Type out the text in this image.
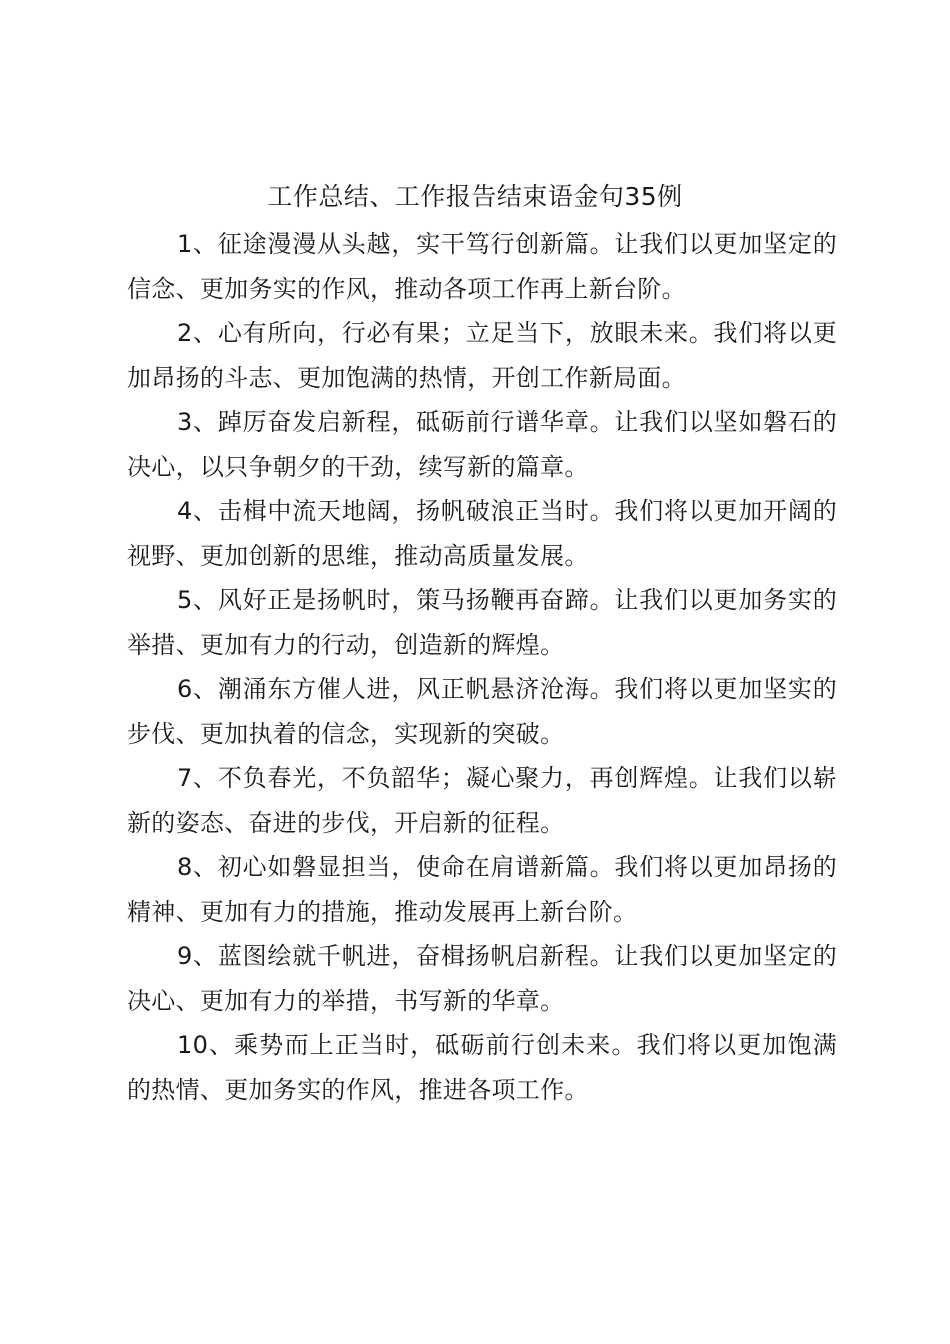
工作总结、工作报告结束语金句35例

1、征途漫漫从头越，实干笃行创新篇。让我们以更加坚定的信念、更加务实的作风，推动各项工作再上新台阶。

2、心有所向，行必有果；立足当下，放眼未来。我们将以更加昂扬的斗志、更加饱满的热情，开创工作新局面。

3、踔厉奋发启新程，砥砺前行谱华章。让我们以坚如磐石的决心，以只争朝夕的干劲，续写新的篇章。

4、击楫中流天地阔，扬帆破浪正当时。我们将以更加开阔的视野、更加创新的思维，推动高质量发展。

5、风好正是扬帆时，策马扬鞭再奋蹄。让我们以更加务实的举措、更加有力的行动，创造新的辉煌。

6、潮涌东方催人进，风正帆悬济沧海。我们将以更加坚实的步伐、更加执着的信念，实现新的突破。

7、不负春光，不负韶华；凝心聚力，再创辉煌。让我们以崭新的姿态、奋进的步伐，开启新的征程。

8、初心如磐显担当，使命在肩谱新篇。我们将以更加昂扬的精神、更加有力的措施，推动发展再上新台阶。

9、蓝图绘就千帆进，奋楫扬帆启新程。让我们以更加坚定的决心、更加有力的举措，书写新的华章。

10、乘势而上正当时，砥砺前行创未来。我们将以更加饱满的热情、更加务实的作风，推进各项工作。
